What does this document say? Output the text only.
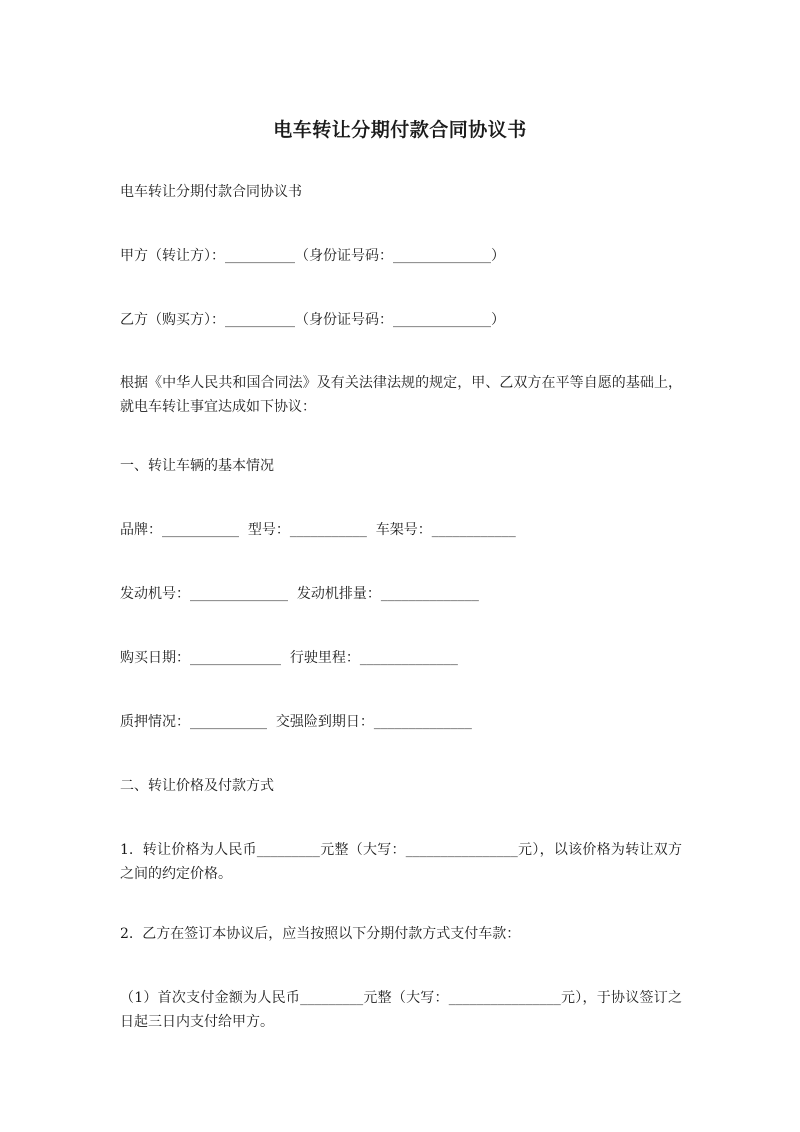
电车转让分期付款合同协议书
电车转让分期付款合同协议书
甲方（转让方）：__________（身份证号码：______________）
乙方（购买方）：__________（身份证号码：______________）
根据《中华人民共和国合同法》及有关法律法规的规定，甲、乙双方在平等自愿的基础上，就电车转让事宜达成如下协议：
一、转让车辆的基本情况
品牌：___________  型号：___________  车架号：____________
发动机号：______________  发动机排量：______________
购买日期：_____________  行驶里程：______________
质押情况：___________  交强险到期日：______________
二、转让价格及付款方式
1.  转让价格为人民币_________元整（大写：________________元），以该价格为转让双方之间的约定价格。
2.  乙方在签订本协议后，应当按照以下分期付款方式支付车款：
（1）首次支付金额为人民币_________元整（大写：________________元），于协议签订之日起三日内支付给甲方。
